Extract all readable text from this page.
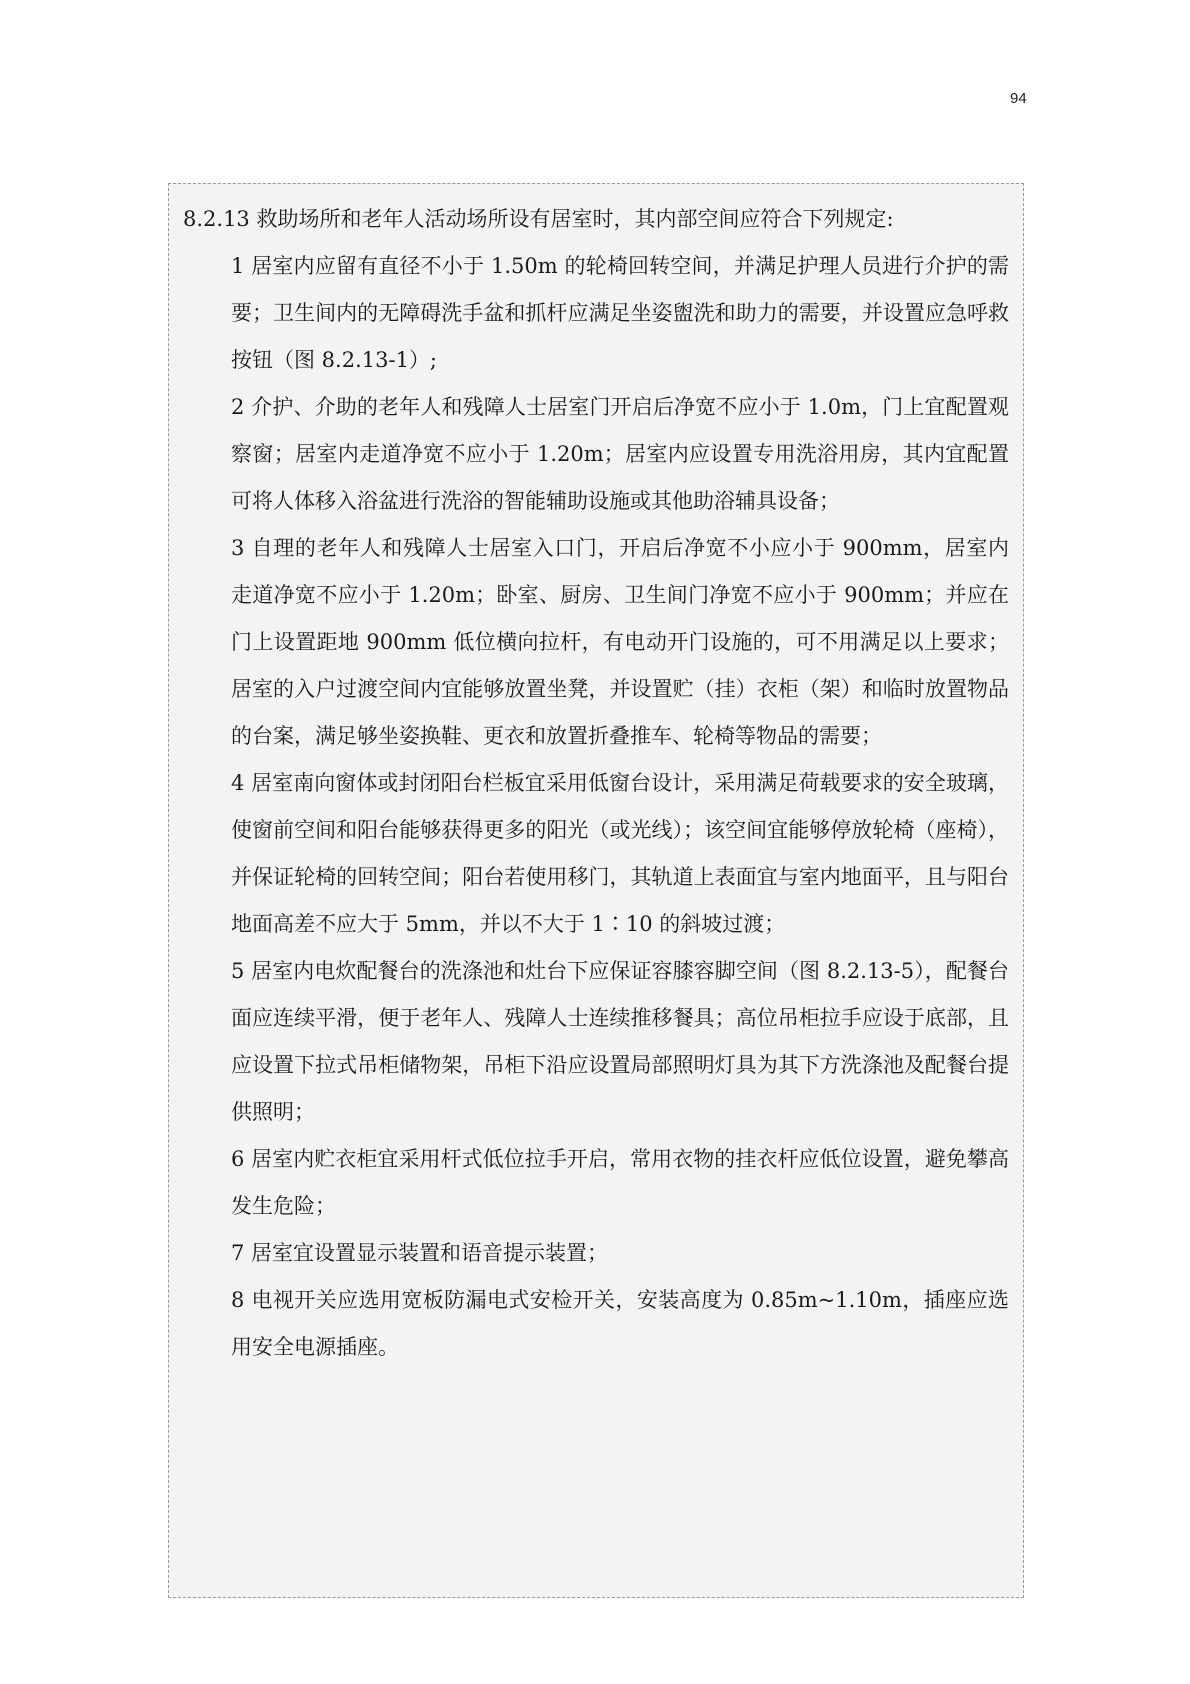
94

8.2.13 救助场所和老年人活动场所设有居室时，其内部空间应符合下列规定:

1 居室内应留有直径不小于 1.50m 的轮椅回转空间，并满足护理人员进行介护的需要；卫生间内的无障碍洗手盆和抓杆应满足坐姿盥洗和助力的需要，并设置应急呼救按钮（图 8.2.13-1）;

2 介护、介助的老年人和残障人士居室门开启后净宽不应小于 1.0m，门上宜配置观察窗；居室内走道净宽不应小于 1.20m；居室内应设置专用洗浴用房，其内宜配置可将人体移入浴盆进行洗浴的智能辅助设施或其他助浴辅具设备；

3 自理的老年人和残障人士居室入口门，开启后净宽不小应小于 900mm，居室内走道净宽不应小于 1.20m；卧室、厨房、卫生间门净宽不应小于 900mm；并应在门上设置距地 900mm 低位横向拉杆，有电动开门设施的，可不用满足以上要求；居室的入户过渡空间内宜能够放置坐凳，并设置贮（挂）衣柜（架）和临时放置物品的台案，满足够坐姿换鞋、更衣和放置折叠推车、轮椅等物品的需要；

4 居室南向窗体或封闭阳台栏板宜采用低窗台设计，采用满足荷载要求的安全玻璃，使窗前空间和阳台能够获得更多的阳光（或光线）；该空间宜能够停放轮椅（座椅），并保证轮椅的回转空间；阳台若使用移门，其轨道上表面宜与室内地面平，且与阳台地面高差不应大于 5mm，并以不大于 1∶10 的斜坡过渡；

5 居室内电炊配餐台的洗涤池和灶台下应保证容膝容脚空间（图 8.2.13-5），配餐台面应连续平滑，便于老年人、残障人士连续推移餐具；高位吊柜拉手应设于底部，且应设置下拉式吊柜储物架，吊柜下沿应设置局部照明灯具为其下方洗涤池及配餐台提供照明；

6 居室内贮衣柜宜采用杆式低位拉手开启，常用衣物的挂衣杆应低位设置，避免攀高发生危险；

7 居室宜设置显示装置和语音提示装置；

8 电视开关应选用宽板防漏电式安检开关，安装高度为 0.85m~1.10m，插座应选用安全电源插座。
